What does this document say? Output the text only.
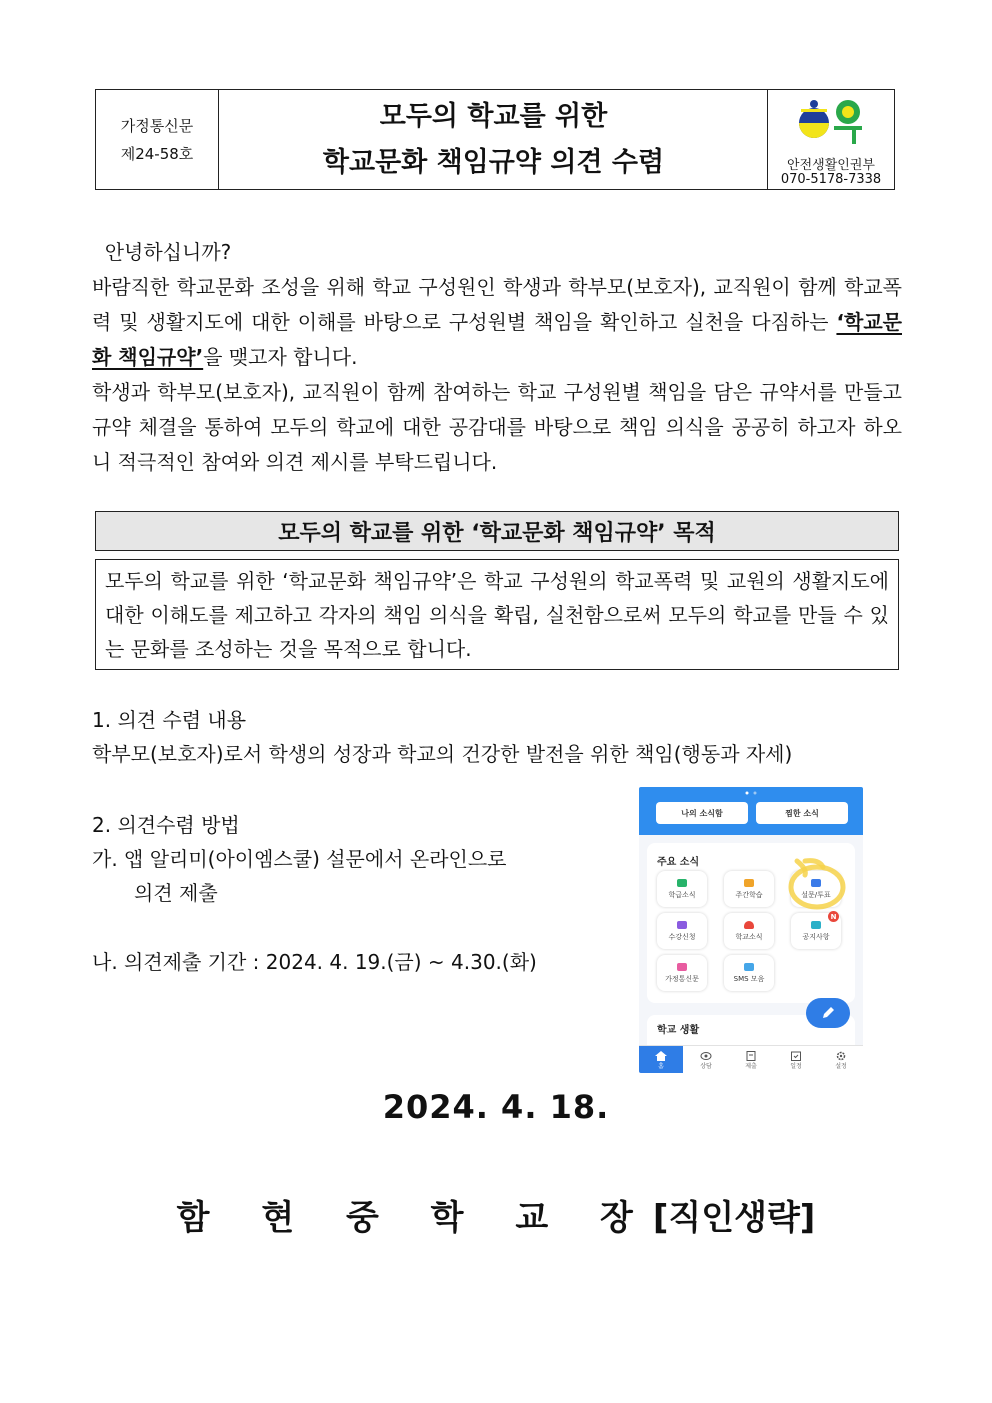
가정통신문
제24-58호
모두의 학교를 위한
학교문화 책임규약 의견 수렴	안전생활인권부
070-5178-7338
안녕하십니까?
바람직한 학교문화 조성을 위해 학교 구성원인 학생과 학부모(보호자), 교직원이 함께 학교폭력 및 생활지도에 대한 이해를 바탕으로 구성원별 책임을 확인하고 실천을 다짐하는 ‘학교문화 책임규약’을 맺고자 합니다.
학생과 학부모(보호자), 교직원이 함께 참여하는 학교 구성원별 책임을 담은 규약서를 만들고 규약 체결을 통하여 모두의 학교에 대한 공감대를 바탕으로 책임 의식을 공공히 하고자 하오니 적극적인 참여와 의견 제시를 부탁드립니다.
모두의 학교를 위한 ‘학교문화 책임규약’ 목적
모두의 학교를 위한 ‘학교문화 책임규약’은 학교 구성원의 학교폭력 및 교원의 생활지도에 대한 이해도를 제고하고 각자의 책임 의식을 확립, 실천함으로써 모두의 학교를 만들 수 있는 문화를 조성하는 것을 목적으로 합니다.
1. 의견 수렴 내용
학부모(보호자)로서 학생의 성장과 학교의 건강한 발전을 위한 책임(행동과 자세)
2. 의견수렴 방법
가. 앱 알리미(아이엠스쿨) 설문에서 온라인으로
의견 제출
나. 의견제출 기간 : 2024. 4. 19.(금) ~ 4.30.(화)
나의 소식함	찜한 소식
주요 소식
학급소식	주간학습	설문/투표
수강신청	학교소식	공지사항
N
가정통신문	SMS 모음
학교 생활
홈	상담	제출	일정	설정
2024. 4. 18.
함 현 중 학 교 장[직인생략]
